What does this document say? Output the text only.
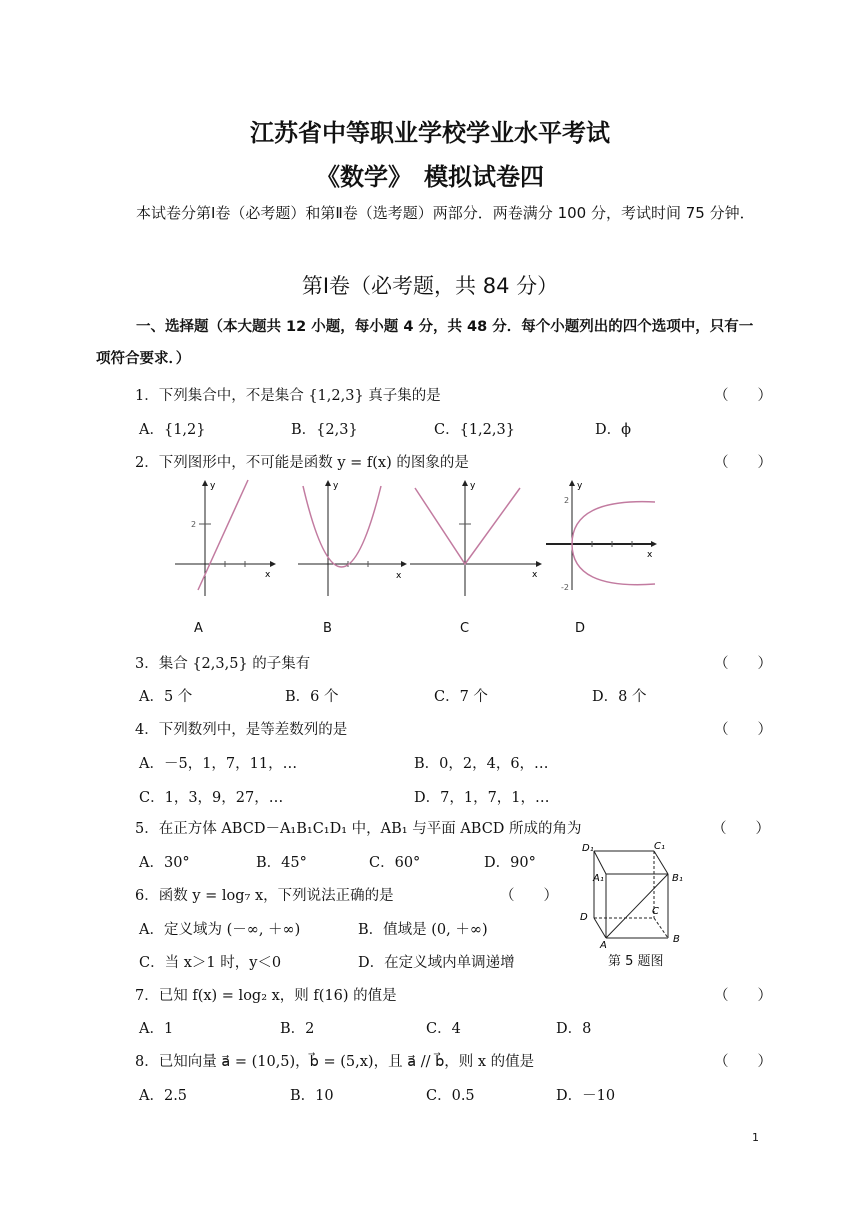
江苏省中等职业学校学业水平考试
《数学》　模拟试卷四
本试卷分第Ⅰ卷（必考题）和第Ⅱ卷（选考题）两部分．两卷满分 100 分，考试时间 75 分钟．
第Ⅰ卷（必考题，共 84 分）
一、选择题（本大题共 12 小题，每小题 4 分，共 48 分．每个小题列出的四个选项中，只有一项符合要求．）
1．下列集合中，不是集合 {1,2,3} 真子集的是	（　　）
A．{1,2}	B．{2,3}	C．{1,2,3}	D．ϕ
2．下列图形中，不可能是函数 y = f(x) 的图象的是	（　　）
x
y
2
x
y
x
y
x
y
2
-2
A	B	C	D
3．集合 {2,3,5} 的子集有	（　　）
A．5 个	B．6 个	C．7 个	D．8 个
4．下列数列中，是等差数列的是	（　　）
A．－5，1，7，11，…	B．0，2，4，6，…
C．1，3，9，27，…	D．7，1，7，1，…
5．在正方体 ABCD－A₁B₁C₁D₁ 中，AB₁ 与平面 ABCD 所成的角为	（　　）
A．30°	B．45°	C．60°	D．90°
D₁	C₁
A₁	B₁
D
C
A
B
第 5 题图
6．函数 y = log₇ x，下列说法正确的是	（　　）
A．定义域为 (－∞, ＋∞)	B．值域是 (0, ＋∞)
C．当 x＞1 时，y＜0	D．在定义域内单调递增
7．已知 f(x) = log₂ x，则 f(16) 的值是	（　　）
A．1	B．2	C．4	D．8
8．已知向量 a⃗ = (10,5)，b⃗ = (5,x)，且 a⃗ // b⃗，则 x 的值是	（　　）
A．2.5	B．10	C．0.5	D．－10
1
